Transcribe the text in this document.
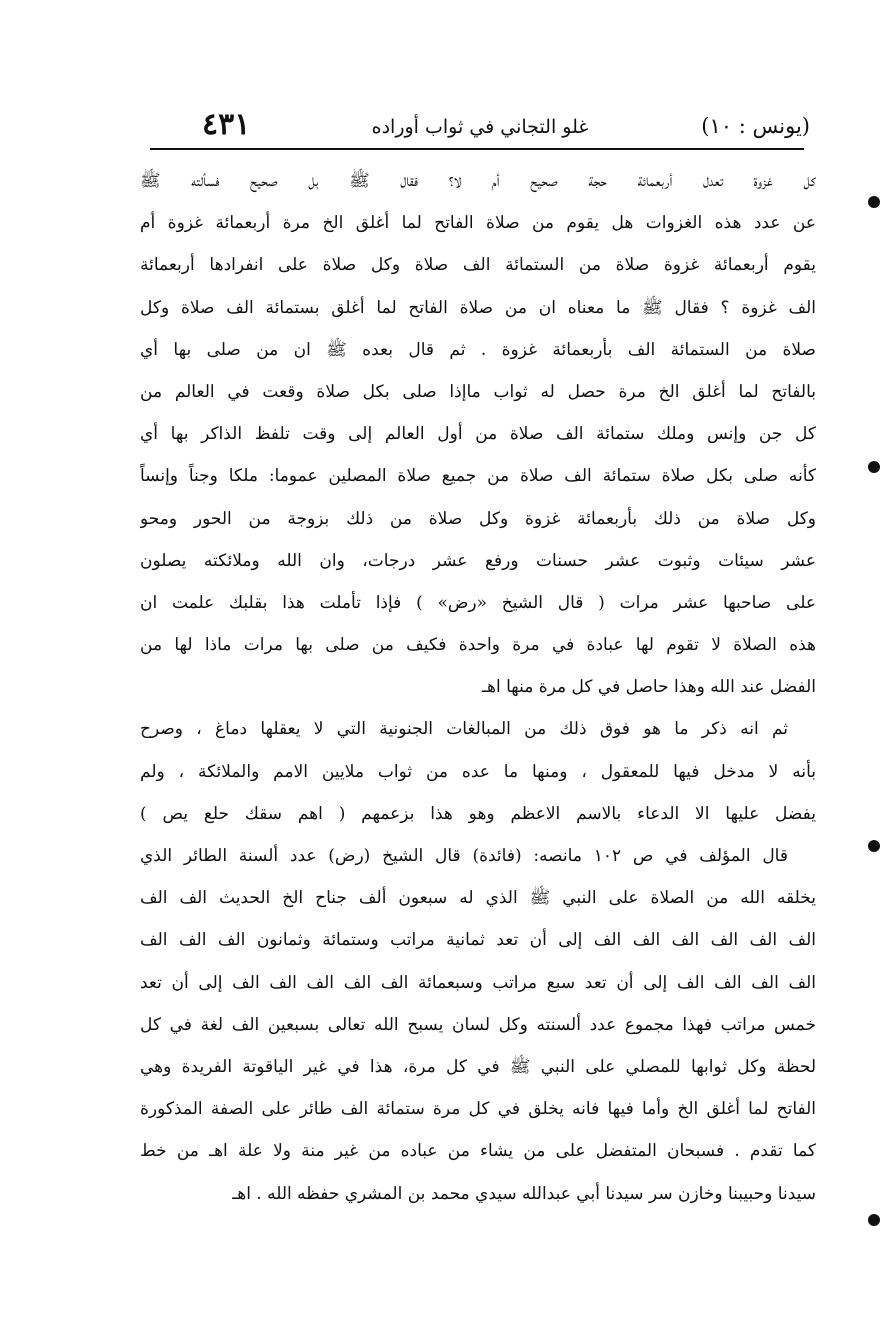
٤٣١	غلو التجاني في ثواب أوراده	(يونس : ١٠)
كل غزوة تعدل أربعمائة حجة صحيح أم لا؟ فقال ﷺ بل صحيح فسألته ﷺ
عن عدد هذه الغزوات هل يقوم من صلاة الفاتح لما أغلق الخ مرة أربعمائة غزوة أم
يقوم أربعمائة غزوة صلاة من الستمائة الف صلاة وكل صلاة على انفرادها أربعمائة
الف غزوة ؟ فقال ﷺ ما معناه ان من صلاة الفاتح لما أغلق بستمائة الف صلاة وكل
صلاة من الستمائة الف بأربعمائة غزوة . ثم قال بعده ﷺ ان من صلى بها أي
بالفاتح لما أغلق الخ مرة حصل له ثواب ماإذا صلى بكل صلاة وقعت في العالم من
كل جن وإنس وملك ستمائة الف صلاة من أول العالم إلى وقت تلفظ الذاكر بها أي
كأنه صلى بكل صلاة ستمائة الف صلاة من جميع صلاة المصلين عموما: ملكا وجناً وإنساً
وكل صلاة من ذلك بأربعمائة غزوة وكل صلاة من ذلك بزوجة من الحور ومحو
عشر سيئات وثبوت عشر حسنات ورفع عشر درجات، وان الله وملائكته يصلون
على صاحبها عشر مرات ( قال الشيخ «رض» ) فإذا تأملت هذا بقلبك علمت ان
هذه الصلاة لا تقوم لها عبادة في مرة واحدة فكيف من صلى بها مرات ماذا لها من
الفضل عند الله وهذا حاصل في كل مرة منها اهـ
ثم انه ذكر ما هو فوق ذلك من المبالغات الجنونية التي لا يعقلها دماغ ، وصرح
بأنه لا مدخل فيها للمعقول ، ومنها ما عده من ثواب ملايين الامم والملائكة ، ولم
يفضل عليها الا الدعاء بالاسم الاعظم وهو هذا بزعمهم ( اهم سقك حلع يص )
قال المؤلف في ص ١٠٢ مانصه: (فائدة) قال الشيخ (رض) عدد ألسنة الطائر الذي
يخلقه الله من الصلاة على النبي ﷺ الذي له سبعون ألف جناح الخ الحديث الف الف
الف الف الف الف الف الف إلى أن تعد ثمانية مراتب وستمائة وثمانون الف الف الف
الف الف الف الف إلى أن تعد سبع مراتب وسبعمائة الف الف الف الف الف إلى أن تعد
خمس مراتب فهذا مجموع عدد ألسنته وكل لسان يسبح الله تعالى بسبعين الف لغة في كل
لحظة وكل ثوابها للمصلي على النبي ﷺ في كل مرة، هذا في غير الياقوتة الفريدة وهي
الفاتح لما أغلق الخ وأما فيها فانه يخلق في كل مرة ستمائة الف طائر على الصفة المذكورة
كما تقدم . فسبحان المتفضل على من يشاء من عباده من غير منة ولا علة اهـ من خط
سيدنا وحبيبنا وخازن سر سيدنا أبي عبدالله سيدي محمد بن المشري حفظه الله . اهـ
